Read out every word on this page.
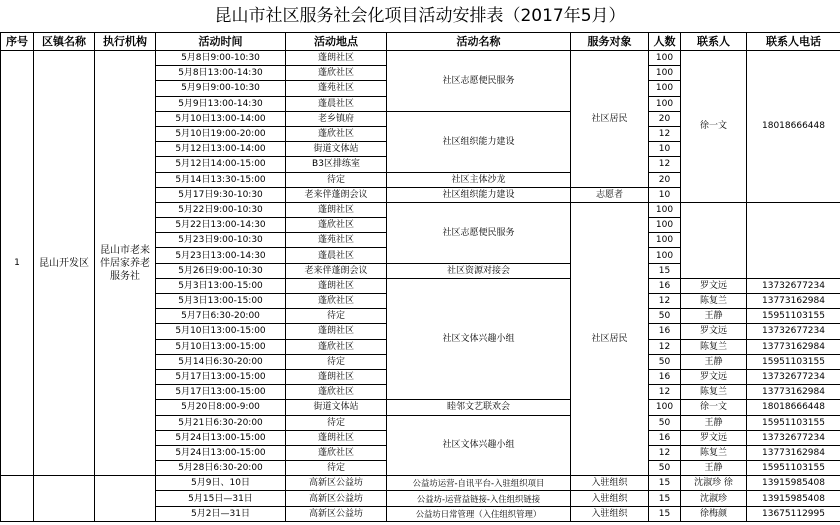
昆山市社区服务社会化项目活动安排表（2017年5月）
序号	区镇名称	执行机构	活动时间	活动地点	活动名称	服务对象	人数	联系人	联系人电话
1	昆山开发区	昆山市老来伴居家养老服务社	5月8日9:00-10:30	蓬朗社区	社区志愿便民服务	社区居民	100	徐一文	18018666448
			5月8日13:00-14:30	蓬欣社区			100		
			5月9日9:00-10:30	蓬苑社区			100		
			5月9日13:00-14:30	蓬晨社区			100		
			5月10日13:00-14:00	老乡镇府	社区组织能力建设		20		
			5月10日19:00-20:00	蓬欣社区			12		
			5月12日13:00-14:00	街道文体站			10		
			5月12日14:00-15:00	B3区排练室			12		
			5月14日13:30-15:00	待定	社区主体沙龙		20		
			5月17日9:30-10:30	老来伴蓬朗会议	社区组织能力建设	志愿者	10		
			5月22日9:00-10:30	蓬朗社区	社区志愿便民服务	社区居民	100		
			5月22日13:00-14:30	蓬欣社区			100		
			5月23日9:00-10:30	蓬苑社区			100		
			5月23日13:00-14:30	蓬晨社区			100		
			5月26日9:00-10:30	老来伴蓬朗会议	社区资源对接会		15		
			5月3日13:00-15:00	蓬朗社区	社区文体兴趣小组		16	罗文远	13732677234
			5月3日13:00-15:00	蓬欣社区			12	陈复兰	13773162984
			5月7日6:30-20:00	待定			50	王静	15951103155
			5月10日13:00-15:00	蓬朗社区			16	罗文远	13732677234
			5月10日13:00-15:00	蓬欣社区			12	陈复兰	13773162984
			5月14日6:30-20:00	待定			50	王静	15951103155
			5月17日13:00-15:00	蓬朗社区			16	罗文远	13732677234
			5月17日13:00-15:00	蓬欣社区			12	陈复兰	13773162984
			5月20日8:00-9:00	街道文体站	睦邻文艺联欢会		100	徐一文	18018666448
			5月21日6:30-20:00	待定	社区文体兴趣小组		50	王静	15951103155
			5月24日13:00-15:00	蓬朗社区			16	罗文远	13732677234
			5月24日13:00-15:00	蓬欣社区			12	陈复兰	13773162984
			5月28日6:30-20:00	待定			50	王静	15951103155
			5月9日、10日	高新区公益坊	公益坊运营-自讯平台-入驻组织项目	入驻组织	15	沈淑珍 徐	13915985408
			5月15日—31日	高新区公益坊	公益坊-运营益链接-入住组织链接	入驻组织	15	沈淑珍	13915985408
			5月2日—31日	高新区公益坊	公益坊日常管理（入住组织管理）	入驻组织	15	徐梅颜	13675112995
